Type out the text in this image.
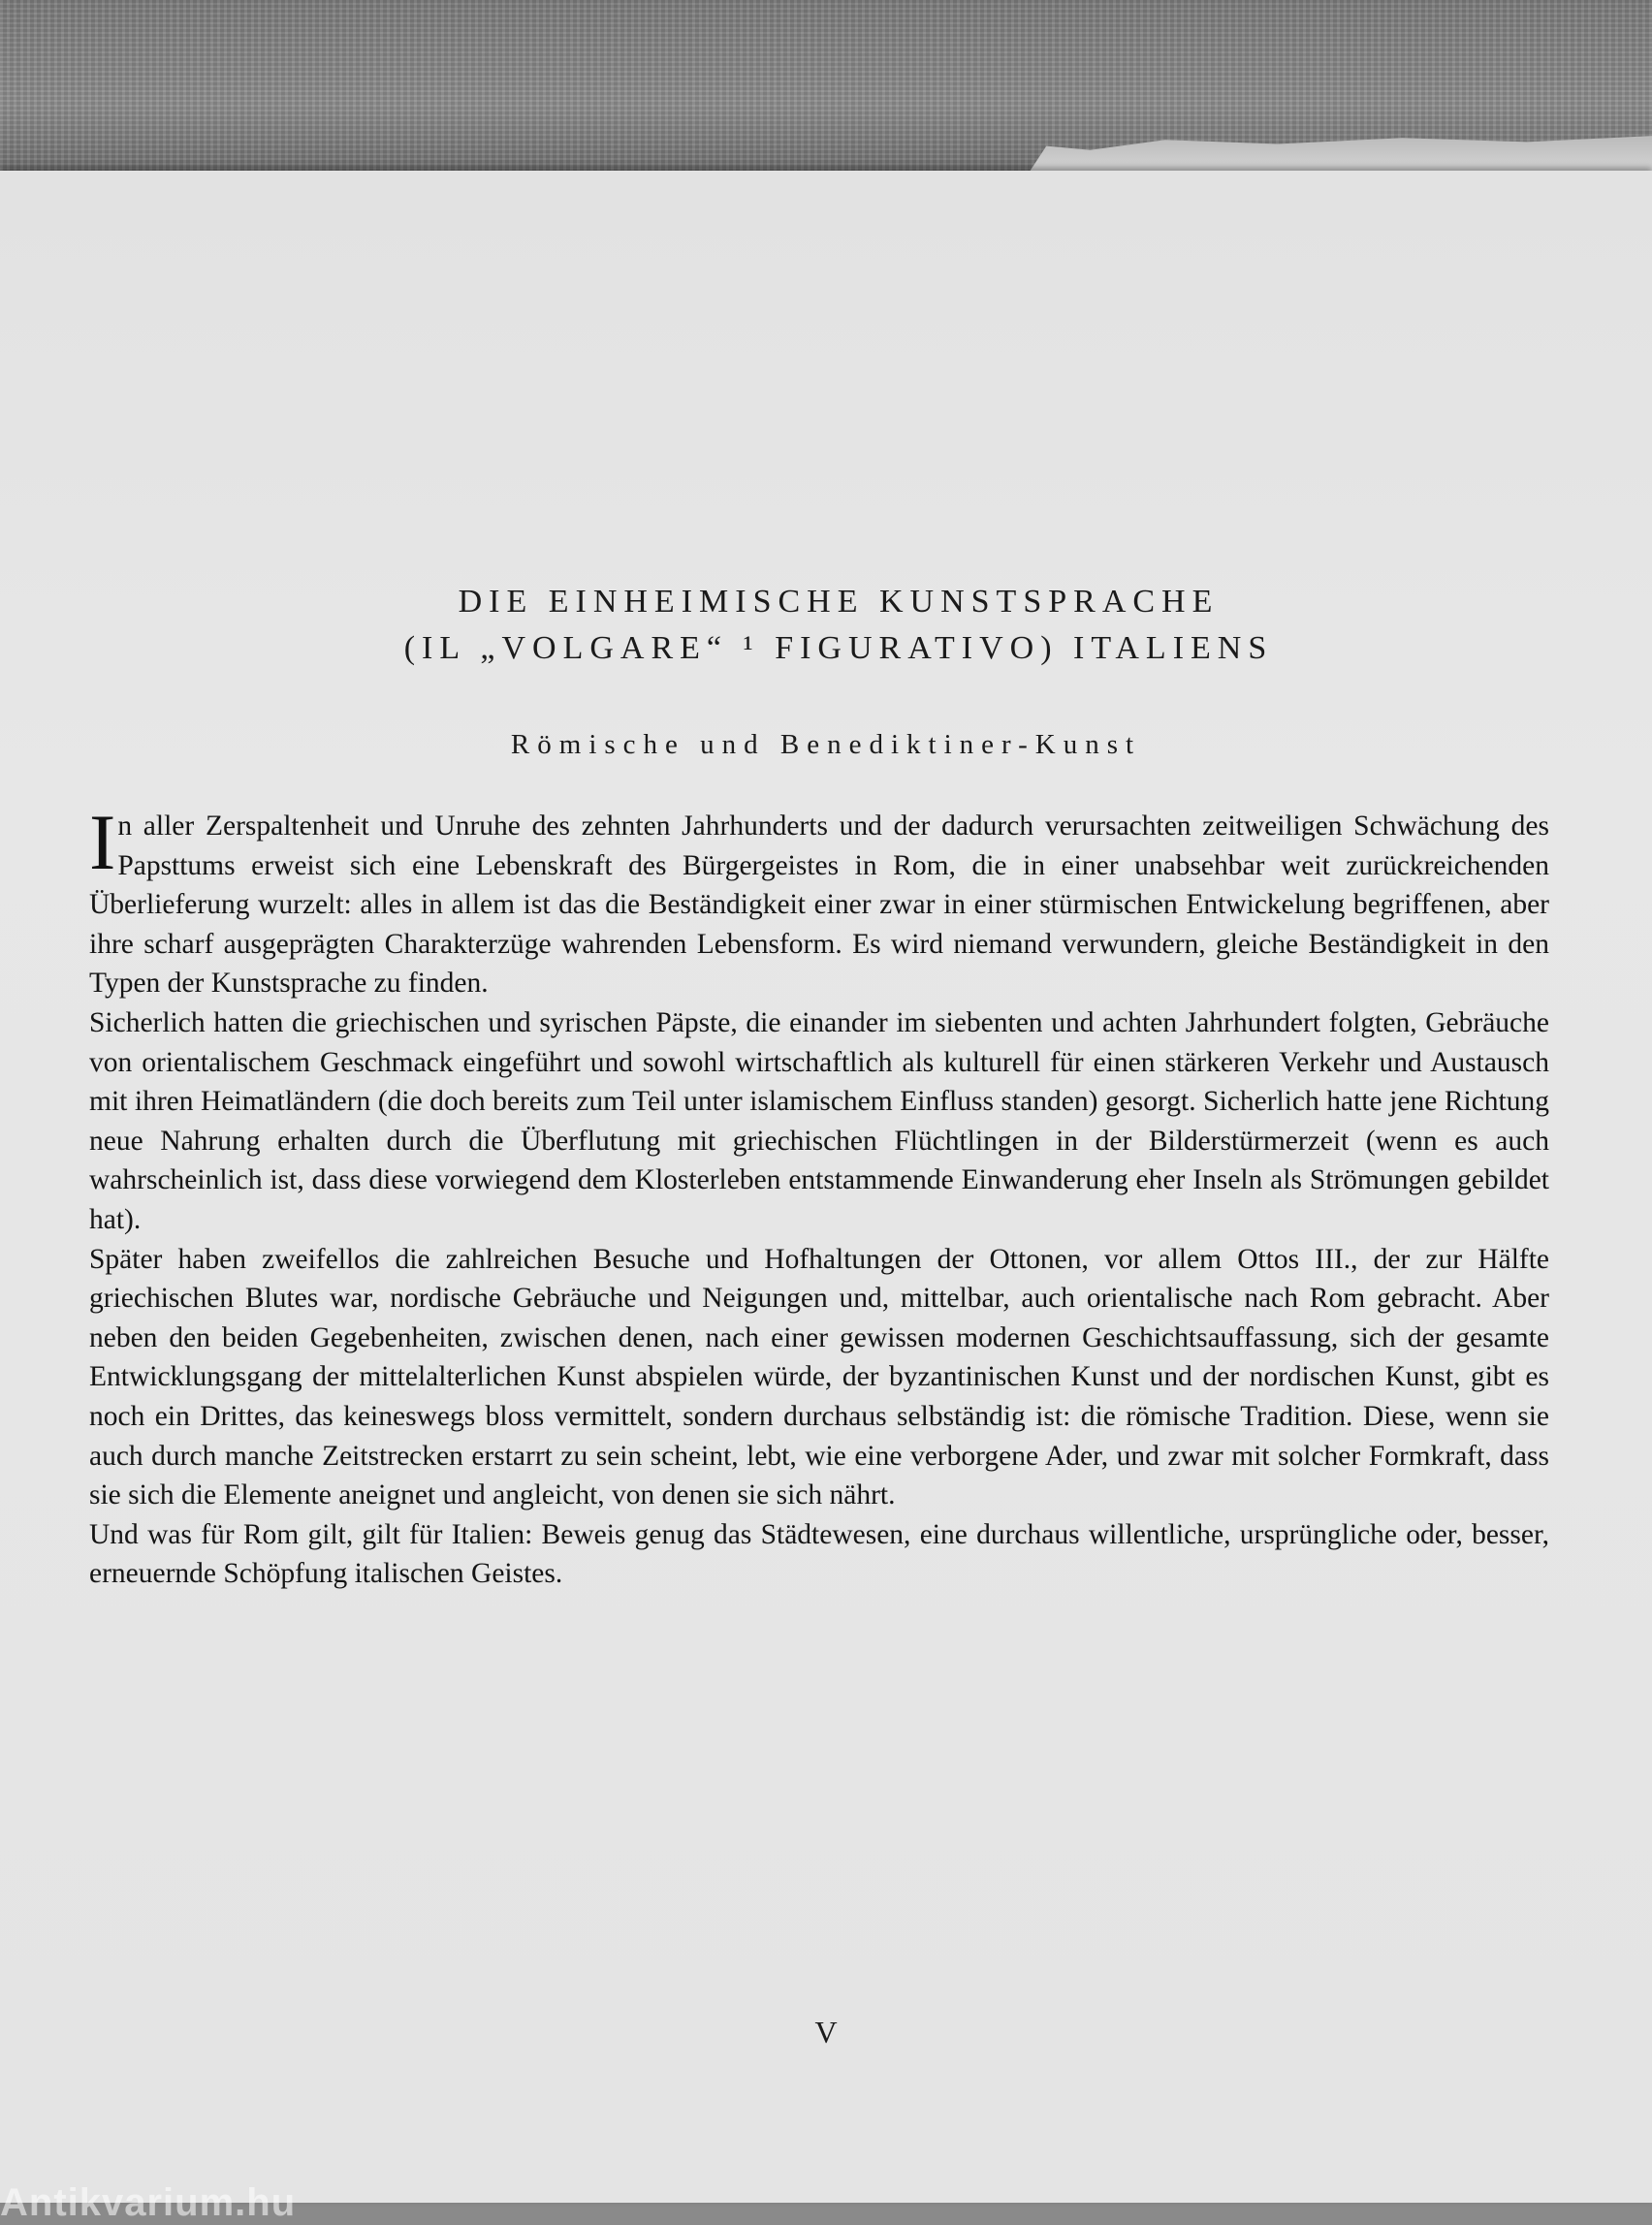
DIE EINHEIMISCHE KUNSTSPRACHE
(IL „VOLGARE“ ¹ FIGURATIVO) ITALIENS
Römische und Benediktiner-Kunst

In aller Zerspaltenheit und Unruhe des zehnten Jahrhunderts und der dadurch verursachten zeitweiligen Schwächung des Papsttums erweist sich eine Lebenskraft des Bürgergeistes in Rom, die in einer unabsehbar weit zurückreichenden Überlieferung wurzelt: alles in allem ist das die Beständigkeit einer zwar in einer stürmischen Entwickelung begriffenen, aber ihre scharf ausgeprägten Charakterzüge wahrenden Lebensform. Es wird niemand verwundern, gleiche Beständigkeit in den Typen der Kunstsprache zu finden.

Sicherlich hatten die griechischen und syrischen Päpste, die einander im siebenten und achten Jahrhundert folgten, Gebräuche von orientalischem Geschmack eingeführt und sowohl wirtschaftlich als kulturell für einen stärkeren Verkehr und Austausch mit ihren Heimatländern (die doch bereits zum Teil unter islamischem Einfluss standen) gesorgt. Sicherlich hatte jene Richtung neue Nahrung erhalten durch die Überflutung mit griechischen Flüchtlingen in der Bilderstürmerzeit (wenn es auch wahrscheinlich ist, dass diese vorwiegend dem Klosterleben entstammende Einwanderung eher Inseln als Strömungen gebildet hat).

Später haben zweifellos die zahlreichen Besuche und Hofhaltungen der Ottonen, vor allem Ottos III., der zur Hälfte griechischen Blutes war, nordische Gebräuche und Neigungen und, mittelbar, auch orientalische nach Rom gebracht. Aber neben den beiden Gegebenheiten, zwischen denen, nach einer gewissen modernen Geschichtsauffassung, sich der gesamte Entwicklungsgang der mittelalterlichen Kunst abspielen würde, der byzantinischen Kunst und der nordischen Kunst, gibt es noch ein Drittes, das keineswegs bloss vermittelt, sondern durchaus selbständig ist: die römische Tradition. Diese, wenn sie auch durch manche Zeitstrecken erstarrt zu sein scheint, lebt, wie eine verborgene Ader, und zwar mit solcher Formkraft, dass sie sich die Elemente aneignet und angleicht, von denen sie sich nährt.

Und was für Rom gilt, gilt für Italien: Beweis genug das Städtewesen, eine durchaus willentliche, ursprüngliche oder, besser, erneuernde Schöpfung italischen Geistes.

V
Antikvarium.hu
